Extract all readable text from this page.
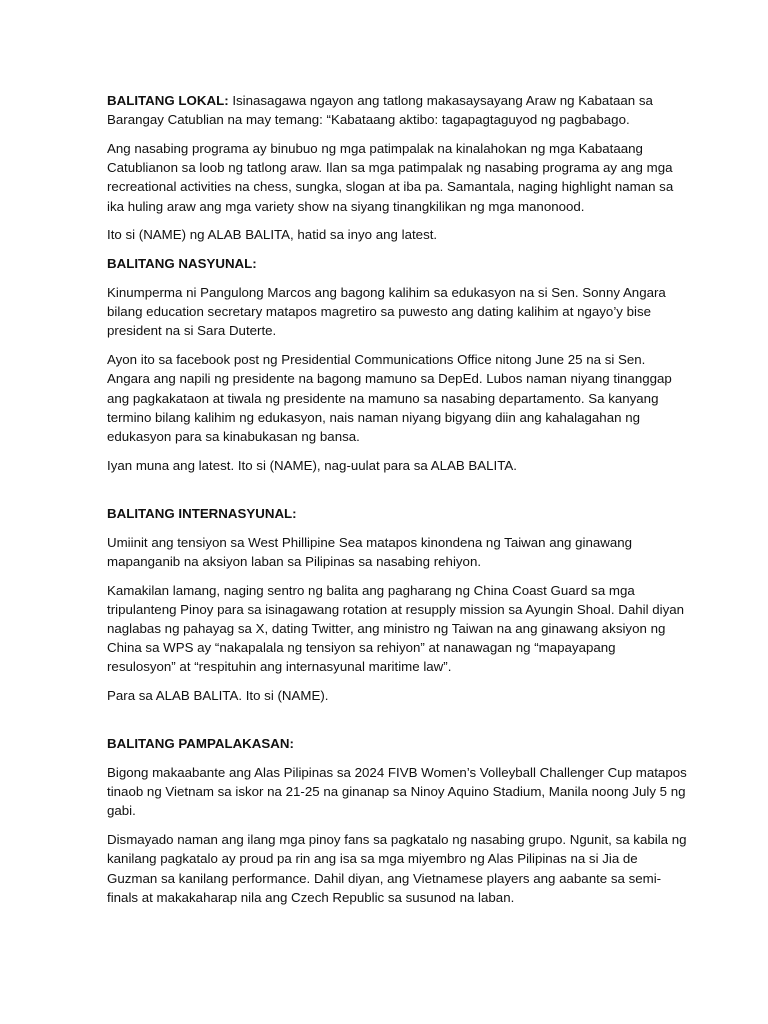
BALITANG LOKAL: Isinasagawa ngayon ang tatlong makasaysayang Araw ng Kabataan sa Barangay Catublian na may temang: “Kabataang aktibo: tagapagtaguyod ng pagbabago.

Ang nasabing programa ay binubuo ng mga patimpalak na kinalahokan ng mga Kabataang Catublianon sa loob ng tatlong araw. Ilan sa mga patimpalak ng nasabing programa ay ang mga recreational activities na chess, sungka, slogan at iba pa. Samantala, naging highlight naman sa ika huling araw ang mga variety show na siyang tinangkilikan ng mga manonood.

Ito si (NAME) ng ALAB BALITA, hatid sa inyo ang latest.

BALITANG NASYUNAL:

Kinumperma ni Pangulong Marcos ang bagong kalihim sa edukasyon na si Sen. Sonny Angara bilang education secretary matapos magretiro sa puwesto ang dating kalihim at ngayo’y bise president na si Sara Duterte.

Ayon ito sa facebook post ng Presidential Communications Office nitong June 25 na si Sen. Angara ang napili ng presidente na bagong mamuno sa DepEd. Lubos naman niyang tinanggap ang pagkakataon at tiwala ng presidente na mamuno sa nasabing departamento. Sa kanyang termino bilang kalihim ng edukasyon, nais naman niyang bigyang diin ang kahalagahan ng edukasyon para sa kinabukasan ng bansa.

Iyan muna ang latest. Ito si (NAME), nag-uulat para sa ALAB BALITA.

BALITANG INTERNASYUNAL:

Umiinit ang tensiyon sa West Phillipine Sea matapos kinondena ng Taiwan ang ginawang mapanganib na aksiyon laban sa Pilipinas sa nasabing rehiyon.

Kamakilan lamang, naging sentro ng balita ang pagharang ng China Coast Guard sa mga tripulanteng Pinoy para sa isinagawang rotation at resupply mission sa Ayungin Shoal. Dahil diyan naglabas ng pahayag sa X, dating Twitter, ang ministro ng Taiwan na ang ginawang aksiyon ng China sa WPS ay “nakapalala ng tensiyon sa rehiyon” at nanawagan ng “mapayapang resulosyon” at “respituhin ang internasyunal maritime law”.

Para sa ALAB BALITA. Ito si (NAME).

BALITANG PAMPALAKASAN:

Bigong makaabante ang Alas Pilipinas sa 2024 FIVB Women’s Volleyball Challenger Cup matapos tinaob ng Vietnam sa iskor na 21-25 na ginanap sa Ninoy Aquino Stadium, Manila noong July 5 ng gabi.

Dismayado naman ang ilang mga pinoy fans sa pagkatalo ng nasabing grupo. Ngunit, sa kabila ng kanilang pagkatalo ay proud pa rin ang isa sa mga miyembro ng Alas Pilipinas na si Jia de Guzman sa kanilang performance. Dahil diyan, ang Vietnamese players ang aabante sa semi-finals at makakaharap nila ang Czech Republic sa susunod na laban.
